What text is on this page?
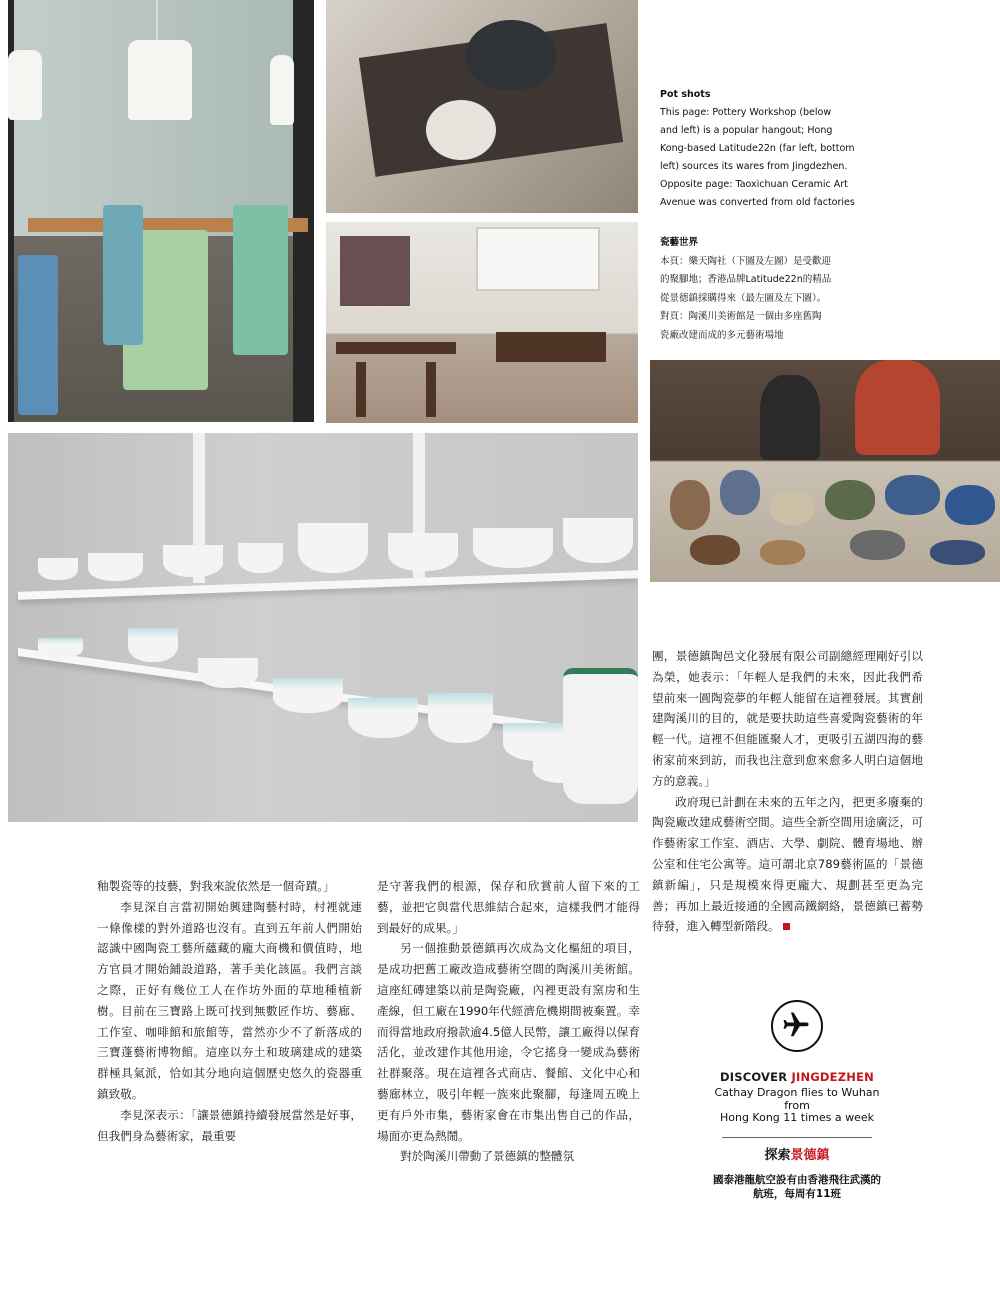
Pot shots
This page: Pottery Workshop (below
and left) is a popular hangout; Hong
Kong-based Latitude22n (far left, bottom
left) sources its wares from Jingdezhen.
Opposite page: Taoxichuan Ceramic Art
Avenue was converted from old factories
瓷藝世界
本頁：樂天陶社（下圖及左圖）是受歡迎
的聚腳地；香港品牌Latitude22n的精品
從景德鎮採購得來（最左圖及左下圖）。
對頁：陶溪川美術館是一個由多座舊陶
瓷廠改建而成的多元藝術場地

團，景德鎮陶邑文化發展有限公司副總經理剛好引以為榮，她表示：「年輕人是我們的未來，因此我們希望前來一圓陶瓷夢的年輕人能留在這裡發展。其實創建陶溪川的目的，就是要扶助這些喜愛陶瓷藝術的年輕一代。這裡不但能匯聚人才，更吸引五湖四海的藝術家前來到訪，而我也注意到愈來愈多人明白這個地方的意義。」

政府現已計劃在未來的五年之內，把更多廢棄的陶瓷廠改建成藝術空間。這些全新空間用途廣泛，可作藝術家工作室、酒店、大學、劇院、體育場地、辦公室和住宅公寓等。這可謂北京789藝術區的「景德鎮新編」，只是規模來得更龐大、規劃甚至更為完善；再加上最近接通的全國高鐵網絡，景德鎮已蓄勢待發，進入轉型新階段。

釉製瓷等的技藝，對我來說依然是一個奇蹟。」

李見深自言當初開始興建陶藝村時，村裡就連一條像樣的對外道路也沒有。直到五年前人們開始認識中國陶瓷工藝所蘊藏的龐大商機和價值時，地方官員才開始鋪設道路，著手美化該區。我們言談之際，正好有幾位工人在作坊外面的草地種植新樹。目前在三寶路上既可找到無數匠作坊、藝廊、工作室、咖啡館和旅館等，當然亦少不了新落成的三寶蓬藝術博物館。這座以夯土和玻璃建成的建築群極具氣派，恰如其分地向這個歷史悠久的瓷器重鎮致敬。

李見深表示：「讓景德鎮持續發展當然是好事，但我們身為藝術家，最重要

是守著我們的根源，保存和欣賞前人留下來的工藝，並把它與當代思維結合起來，這樣我們才能得到最好的成果。」

另一個推動景德鎮再次成為文化樞紐的項目，是成功把舊工廠改造成藝術空間的陶溪川美術館。這座紅磚建築以前是陶瓷廠，內裡更設有窯房和生產線，但工廠在1990年代經濟危機期間被棄置。幸而得當地政府撥款逾4.5億人民幣，讓工廠得以保育活化，並改建作其他用途，令它搖身一變成為藝術社群聚落。現在這裡各式商店、餐館、文化中心和藝廊林立，吸引年輕一族來此聚腳，每逢周五晚上更有戶外市集，藝術家會在市集出售自己的作品，場面亦更為熱鬧。

對於陶溪川帶動了景德鎮的整體氛

DISCOVER JINGDEZHEN
Cathay Dragon flies to Wuhan from
Hong Kong 11 times a week
探索景德鎮
國泰港龍航空設有由香港飛往武漢的
航班，每周有11班
